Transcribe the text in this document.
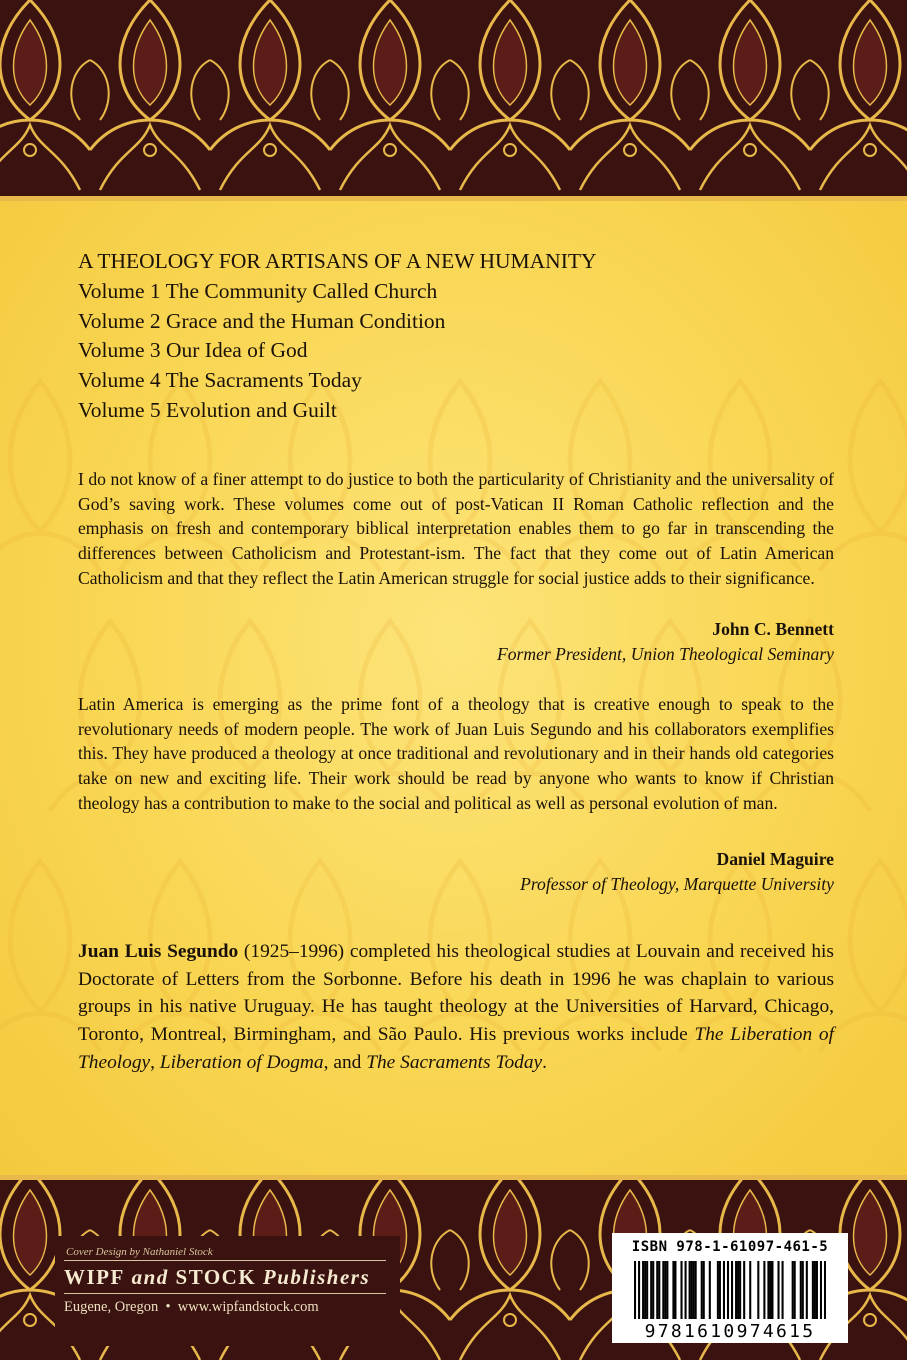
A THEOLOGY FOR ARTISANS OF A NEW HUMANITY
Volume 1 The Community Called Church
Volume 2 Grace and the Human Condition
Volume 3 Our Idea of God
Volume 4 The Sacraments Today
Volume 5 Evolution and Guilt

I do not know of a finer attempt to do justice to both the particularity of Christianity and the universality of God’s saving work. These volumes come out of post-Vatican II Roman Catholic reflection and the emphasis on fresh and contemporary biblical interpretation enables them to go far in transcending the differences between Catholicism and Protestant-ism. The fact that they come out of Latin American Catholicism and that they reflect the Latin American struggle for social justice adds to their significance.

John C. Bennett
Former President, Union Theological Seminary

Latin America is emerging as the prime font of a theology that is creative enough to speak to the revolutionary needs of modern people. The work of Juan Luis Segundo and his collaborators exemplifies this. They have produced a theology at once traditional and revolutionary and in their hands old categories take on new and exciting life. Their work should be read by anyone who wants to know if Christian theology has a contribution to make to the social and political as well as personal evolution of man.

Daniel Maguire
Professor of Theology, Marquette University

Juan Luis Segundo (1925–1996) completed his theological studies at Louvain and received his Doctorate of Letters from the Sorbonne. Before his death in 1996 he was chaplain to various groups in his native Uruguay. He has taught theology at the Universities of Harvard, Chicago, Toronto, Montreal, Birmingham, and São Paulo. His previous works include The Liberation of Theology, Liberation of Dogma, and The Sacraments Today.

Cover Design by Nathaniel Stock
WIPF and STOCK Publishers
Eugene, Oregon • www.wipfandstock.com
ISBN 978-1-61097-461-5
9781610974615
